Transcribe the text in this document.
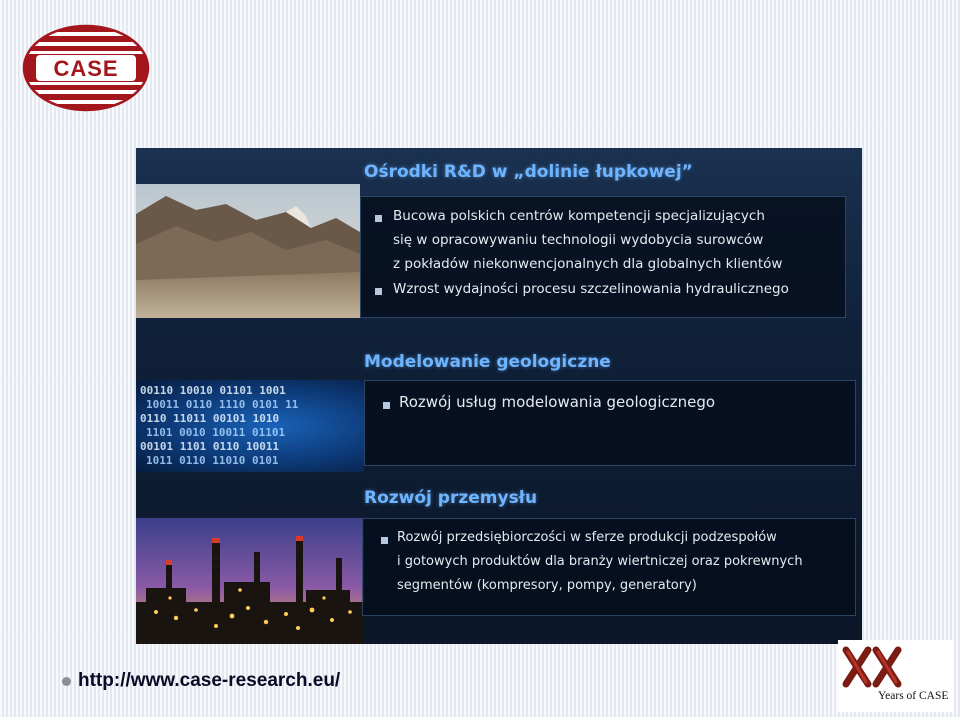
CASE
Ośrodki R&D w „dolinie łupkowej”
Bucowa polskich centrów kompetencji specjalizujących
się w opracowywaniu technologii wydobycia surowców
z pokładów niekonwencjonalnych dla globalnych klientów
Wzrost wydajności procesu szczelinowania hydraulicznego
Modelowanie geologiczne
00110 10010 01101 1001
10011 0110 1110 0101 11
0110 11011 00101 1010
1101 0010 10011 01101
00101 1101 0110 10011
1011 0110 11010 0101
Rozwój usług modelowania geologicznego
Rozwój przemysłu
Rozwój przedsiębiorczości w sferze produkcji podzespołów
i gotowych produktów dla branży wiertniczej oraz pokrewnych
segmentów (kompresory, pompy, generatory)
http://www.case-research.eu/
Years of CASE
